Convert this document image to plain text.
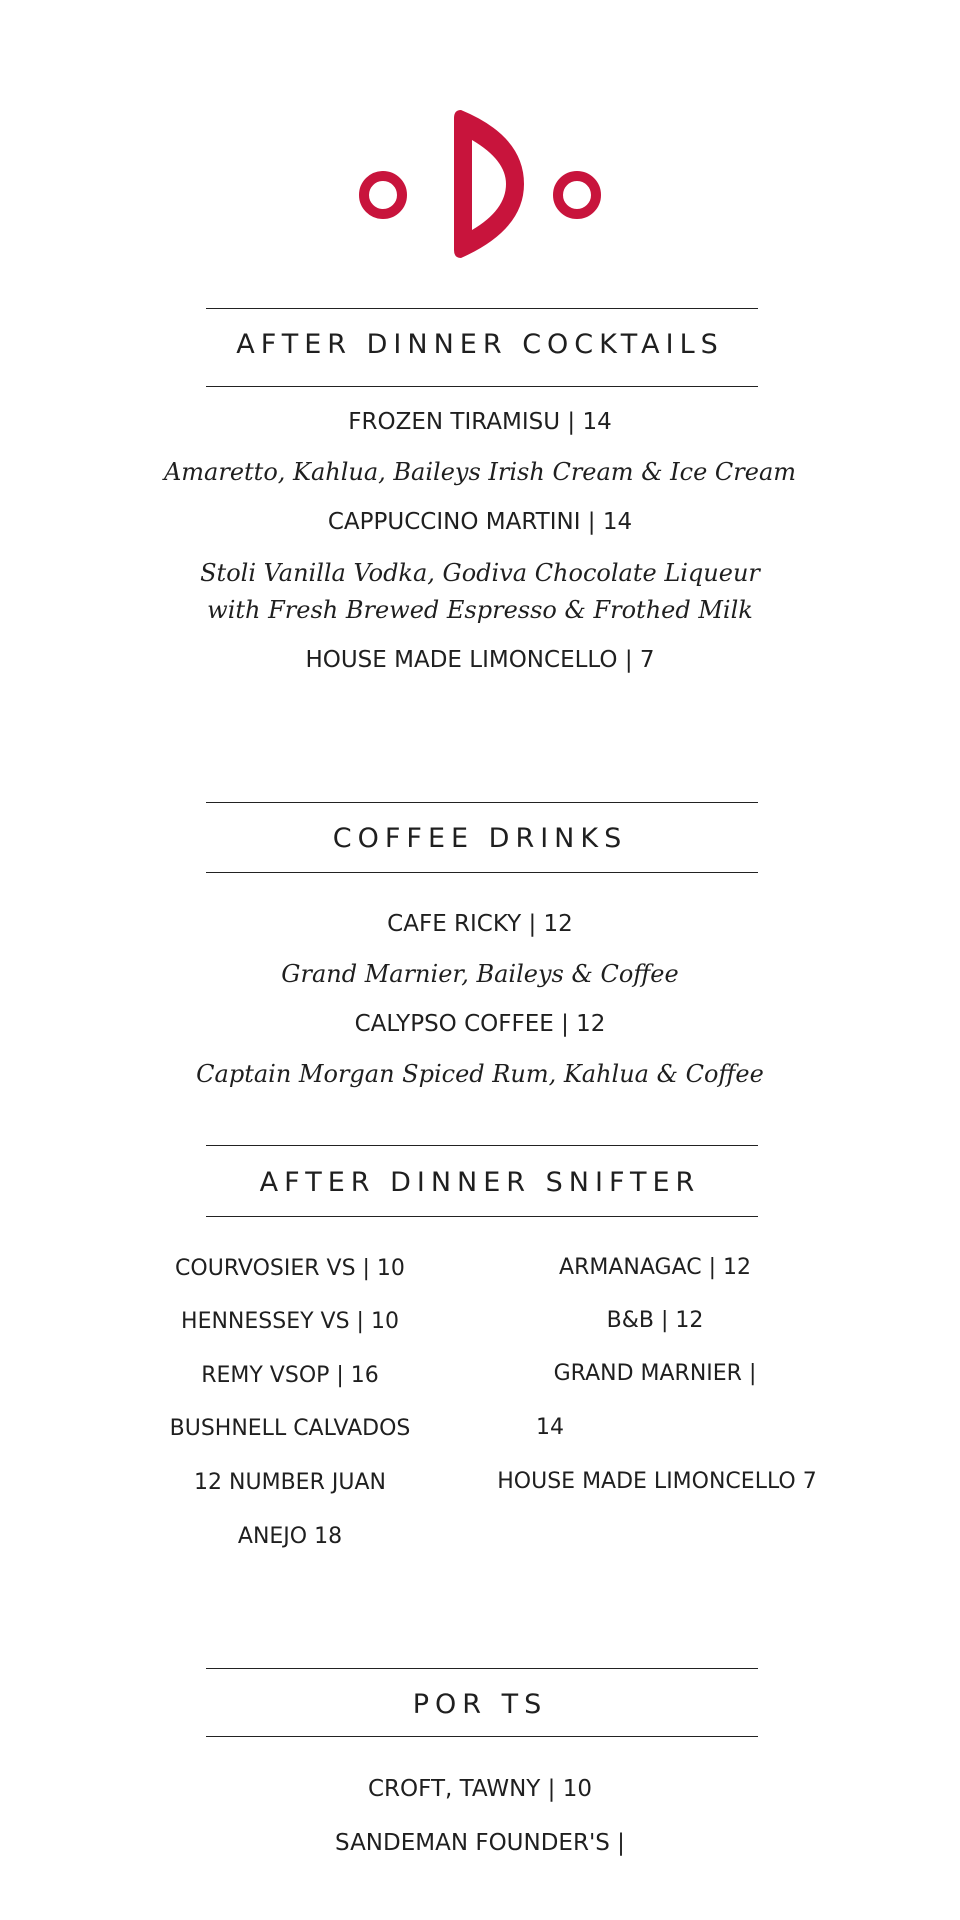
AFTER DINNER COCKTAILS
FROZEN TIRAMISU | 14
Amaretto, Kahlua, Baileys Irish Cream & Ice Cream
CAPPUCCINO MARTINI | 14
Stoli Vanilla Vodka, Godiva Chocolate Liqueur
with Fresh Brewed Espresso & Frothed Milk
HOUSE MADE LIMONCELLO | 7
COFFEE DRINKS
CAFE RICKY | 12
Grand Marnier, Baileys & Coffee
CALYPSO COFFEE | 12
Captain Morgan Spiced Rum, Kahlua & Coffee
AFTER DINNER SNIFTER
COURVOSIER VS | 10
HENNESSEY VS | 10
REMY VSOP | 16
BUSHNELL CALVADOS
12 NUMBER JUAN
ANEJO 18
ARMANAGAC | 12
B&B | 12
GRAND MARNIER |
14
HOUSE MADE LIMONCELLO 7
POR TS
CROFT, TAWNY | 10
SANDEMAN FOUNDER'S |
